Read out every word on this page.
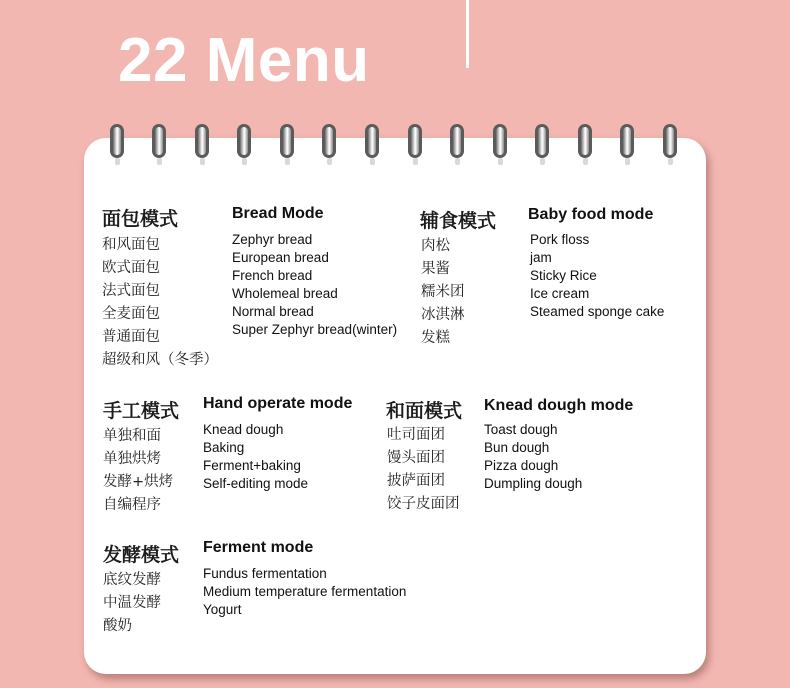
22 Menu
面包模式
和风面包
欧式面包
法式面包
全麦面包
普通面包
超级和风（冬季）
Bread Mode
Zephyr bread
European bread
French bread
Wholemeal bread
Normal bread
Super Zephyr bread(winter)
辅食模式
肉松
果酱
糯米团
冰淇淋
发糕
Baby food mode
Pork floss
jam
Sticky Rice
Ice cream
Steamed sponge cake
手工模式
单独和面
单独烘烤
发酵+烘烤
自编程序
Hand operate mode
Knead dough
Baking
Ferment+baking
Self-editing mode
和面模式
吐司面团
馒头面团
披萨面团
饺子皮面团
Knead dough mode
Toast dough
Bun dough
Pizza dough
Dumpling dough
发酵模式
底纹发酵
中温发酵
酸奶
Ferment mode
Fundus fermentation
Medium temperature fermentation
Yogurt
